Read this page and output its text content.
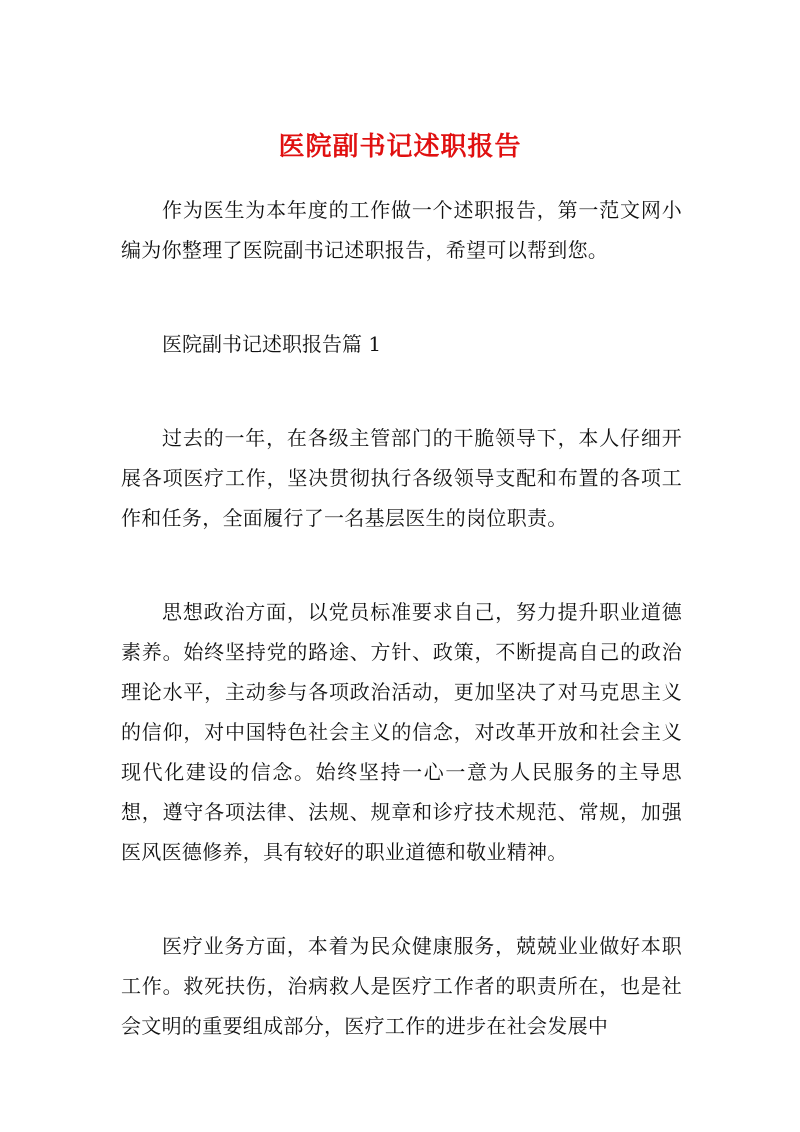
医院副书记述职报告

作为医生为本年度的工作做一个述职报告，第一范文网小编为你整理了医院副书记述职报告，希望可以帮到您。

医院副书记述职报告篇 1

过去的一年，在各级主管部门的干脆领导下，本人仔细开展各项医疗工作，坚决贯彻执行各级领导支配和布置的各项工作和任务，全面履行了一名基层医生的岗位职责。

思想政治方面，以党员标准要求自己，努力提升职业道德素养。始终坚持党的路途、方针、政策，不断提高自己的政治理论水平，主动参与各项政治活动，更加坚决了对马克思主义的信仰，对中国特色社会主义的信念，对改革开放和社会主义现代化建设的信念。始终坚持一心一意为人民服务的主导思想，遵守各项法律、法规、规章和诊疗技术规范、常规，加强医风医德修养，具有较好的职业道德和敬业精神。

医疗业务方面，本着为民众健康服务，兢兢业业做好本职工作。救死扶伤，治病救人是医疗工作者的职责所在，也是社会文明的重要组成部分，医疗工作的进步在社会发展中
